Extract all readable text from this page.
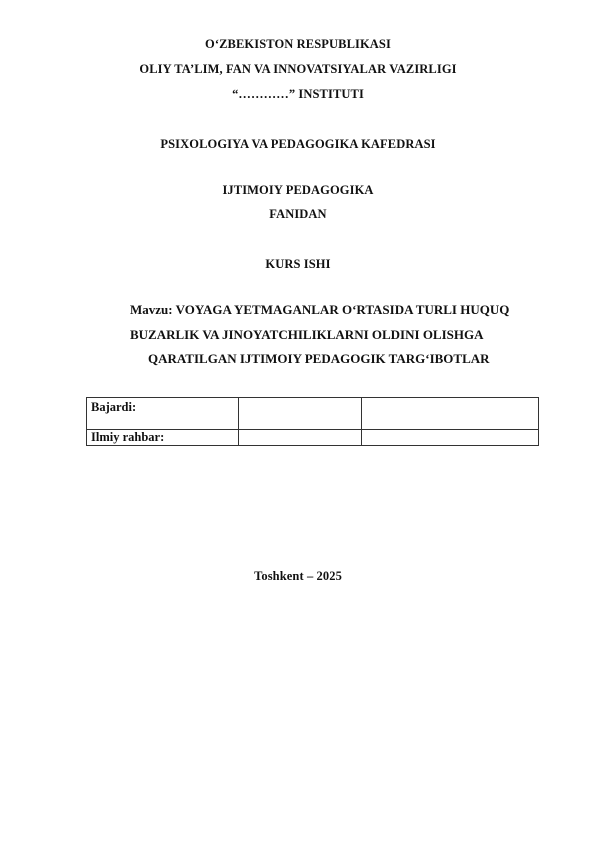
O‘ZBEKISTON RESPUBLIKASI
OLIY TA’LIM, FAN VA INNOVATSIYALAR VAZIRLIGI
“…………” INSTITUTI
PSIXOLOGIYA VA PEDAGOGIKA KAFEDRASI
IJTIMOIY PEDAGOGIKA
FANIDAN
KURS ISHI
Mavzu: VOYAGA YETMAGANLAR O‘RTASIDA TURLI HUQUQ
BUZARLIK VA JINOYATCHILIKLARNI OLDINI OLISHGA
QARATILGAN IJTIMOIY PEDAGOGIK TARG‘IBOTLAR
Bajardi:		
Ilmiy rahbar:		
Toshkent – 2025
